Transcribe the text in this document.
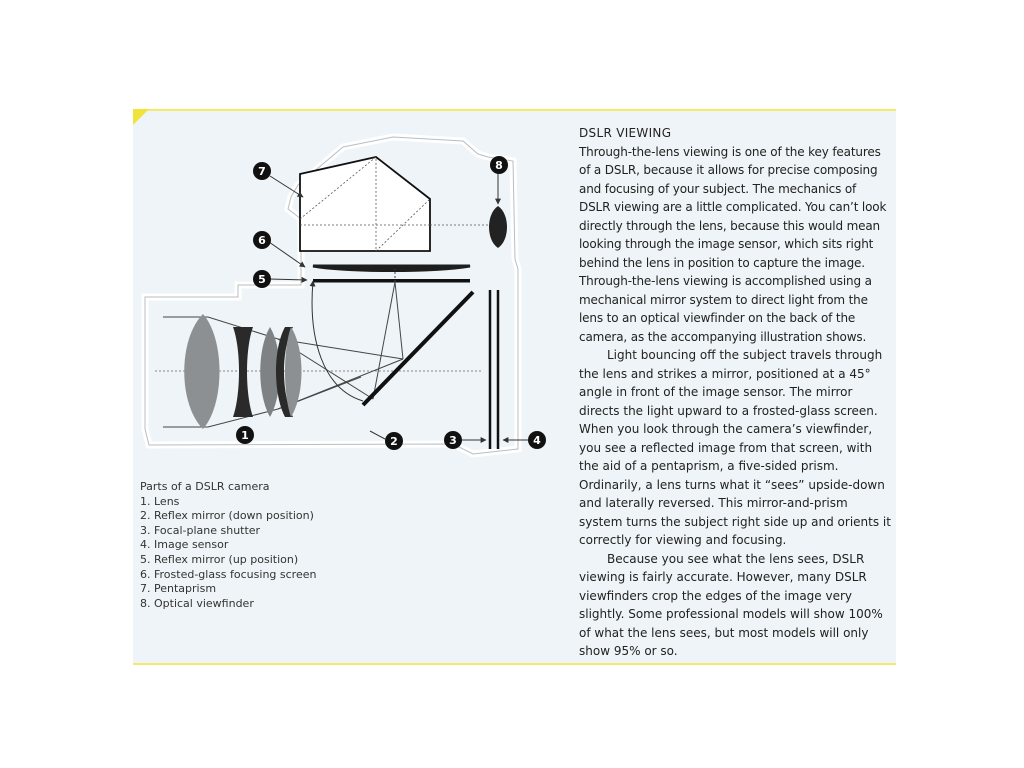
7
6
5
8
1	2	3	4

Parts of a DSLR camera

1. Lens
2. Reflex mirror (down position)
3. Focal-plane shutter
4. Image sensor
5. Reflex mirror (up position)
6. Frosted-glass focusing screen
7. Pentaprism
8. Optical viewfinder
DSLR VIEWING

Through-the-lens viewing is one of the key features of a DSLR, because it allows for precise composing and focusing of your subject. The mechanics of DSLR viewing are a little complicated. You can’t look directly through the lens, because this would mean looking through the image sensor, which sits right behind the lens in position to capture the image. Through-the-lens viewing is accomplished using a mechanical mirror system to direct light from the lens to an optical viewfinder on the back of the camera, as the accompanying illustration shows.

Light bouncing off the subject travels through the lens and strikes a mirror, positioned at a 45° angle in front of the image sensor. The mirror directs the light upward to a frosted-glass screen. When you look through the camera’s viewfinder, you see a reflected image from that screen, with the aid of a pentaprism, a five-sided prism. Ordinarily, a lens turns what it “sees” upside-down and laterally reversed. This mirror-and-prism system turns the subject right side up and orients it correctly for viewing and focusing.

Because you see what the lens sees, DSLR viewing is fairly accurate. However, many DSLR viewfinders crop the edges of the image very slightly. Some professional models will show 100% of what the lens sees, but most models will only show 95% or so.
